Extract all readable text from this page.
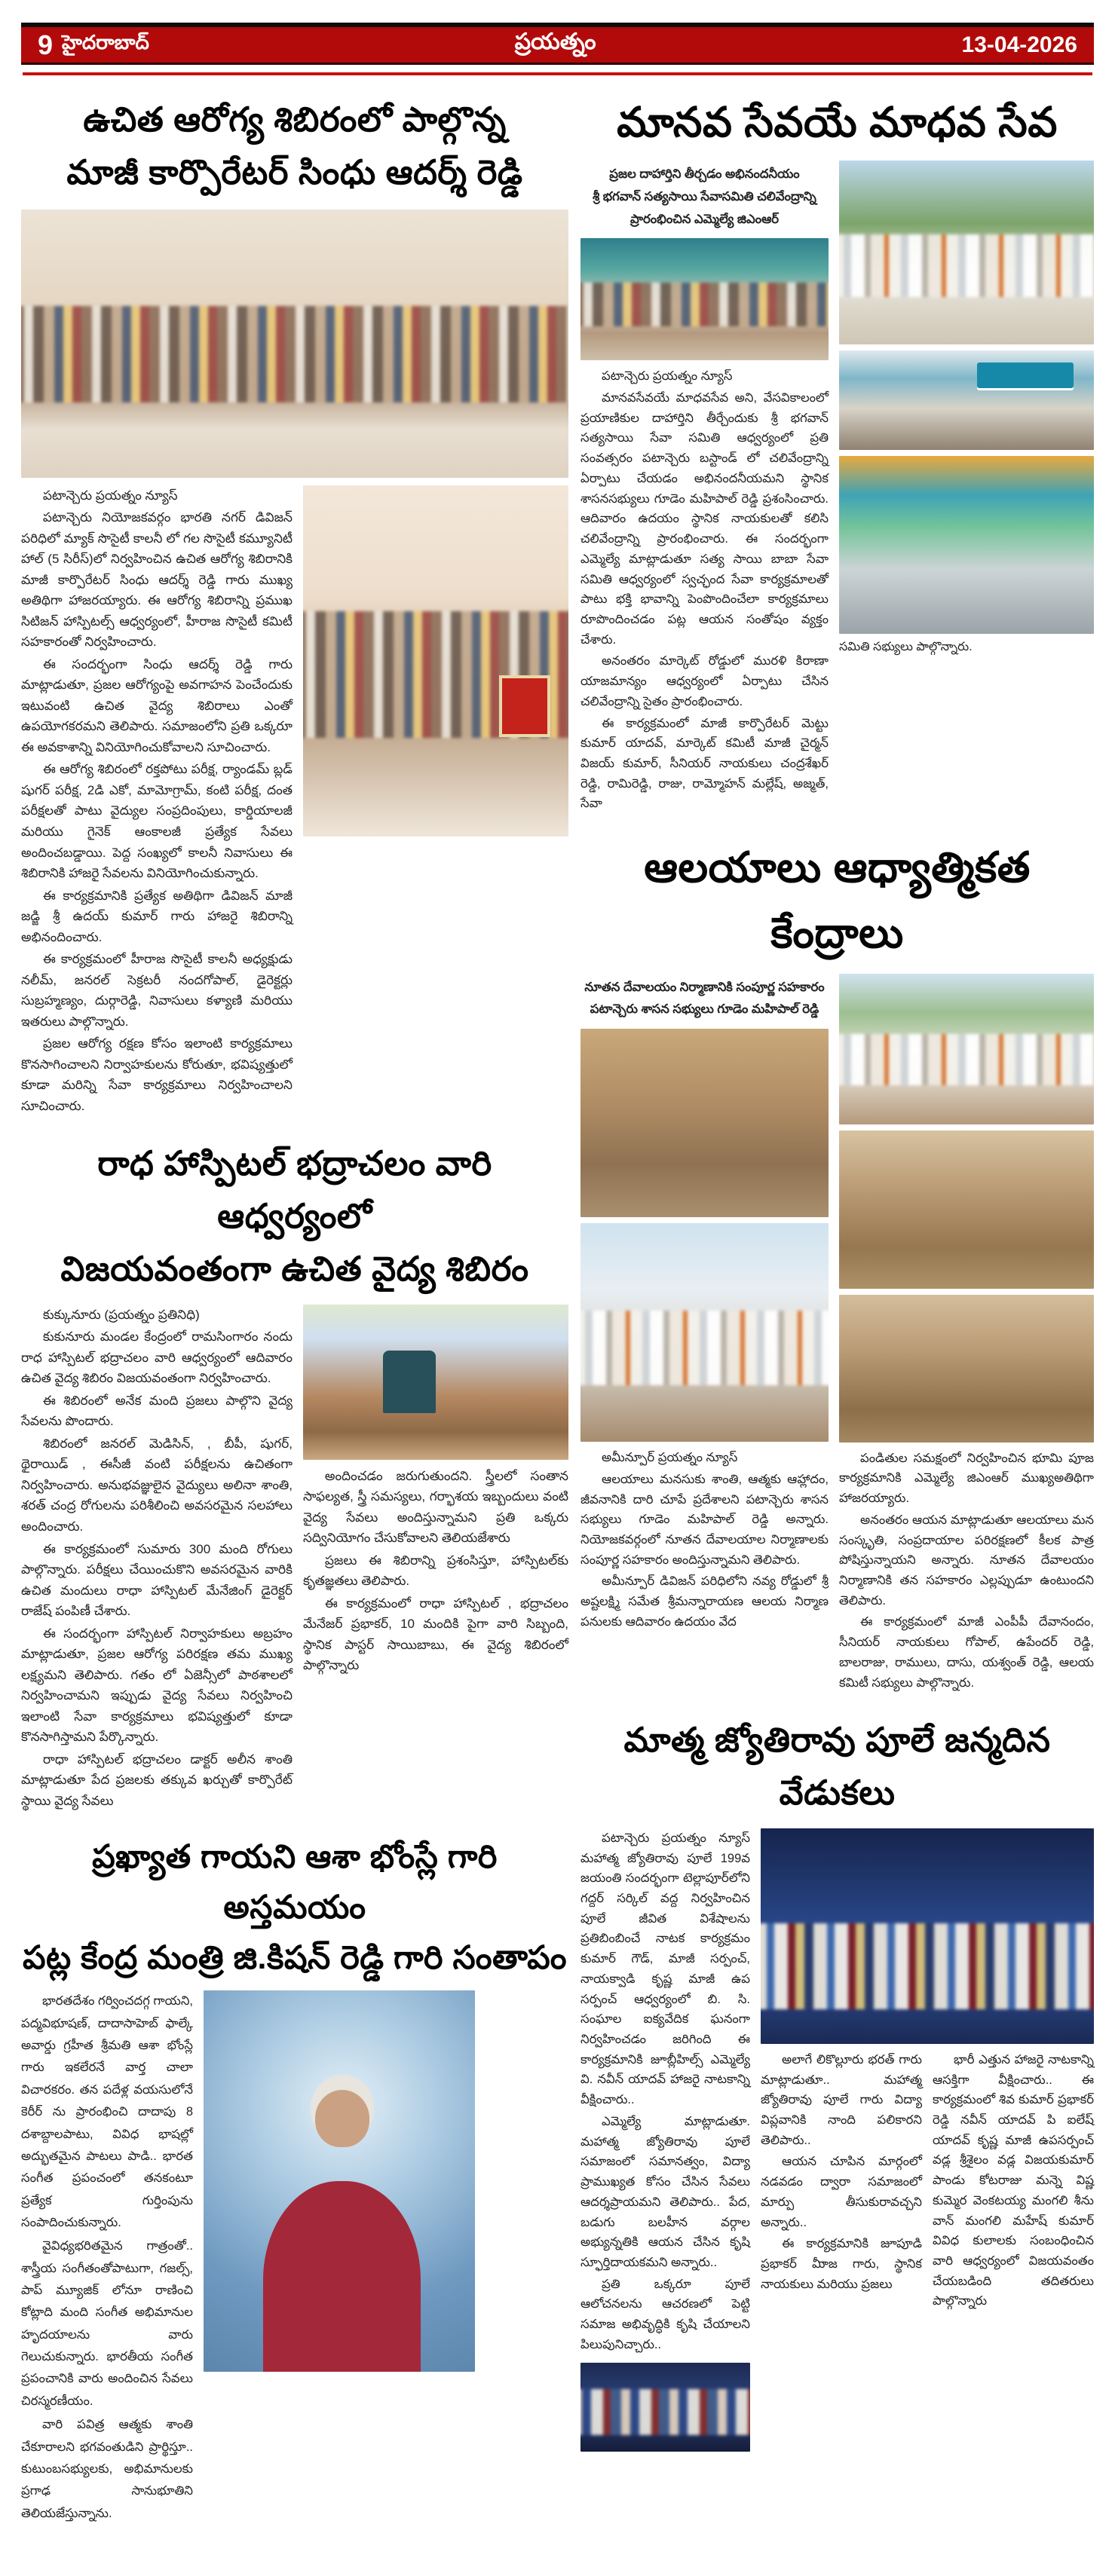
9 హైదరాబాద్	ప్రయత్నం	13-04-2026
ఉచిత ఆరోగ్య శిబిరంలో పాల్గొన్న
మాజీ కార్పొరేటర్ సింధు ఆదర్శ్ రెడ్డి

పటాన్చెరు ప్రయత్నం న్యూస్

పటాన్చెరు నియోజకవర్గం భారతి నగర్ డివిజన్ పరిధిలో మ్యాక్ సొసైటీ కాలనీ లో గల సొసైటీ కమ్యూనిటీ హాల్ (5 సిరీస్)లో నిర్వహించిన ఉచిత ఆరోగ్య శిబిరానికి మాజీ కార్పొరేటర్ సింధు ఆదర్శ్ రెడ్డి గారు ముఖ్య అతిథిగా హాజరయ్యారు. ఈ ఆరోగ్య శిబిరాన్ని ప్రముఖ సిటిజన్ హాస్పిటల్స్ ఆధ్వర్యంలో, హీరాజ సొసైటీ కమిటీ సహకారంతో నిర్వహించారు.

ఈ సందర్భంగా సింధు ఆదర్శ్ రెడ్డి గారు మాట్లాడుతూ, ప్రజల ఆరోగ్యంపై అవగాహన పెంచేందుకు ఇటువంటి ఉచిత వైద్య శిబిరాలు ఎంతో ఉపయోగకరమని తెలిపారు. సమాజంలోని ప్రతి ఒక్కరూ ఈ అవకాశాన్ని వినియోగించుకోవాలని సూచించారు.

ఈ ఆరోగ్య శిబిరంలో రక్తపోటు పరీక్ష, ర్యాండమ్ బ్లడ్ షుగర్ పరీక్ష, 2డి ఎకో, మామోగ్రామ్, కంటి పరీక్ష, దంత పరీక్షలతో పాటు వైద్యుల సంప్రదింపులు, కార్డియాలజీ మరియు గైనెక్ ఆంకాలజీ ప్రత్యేక సేవలు అందించబడ్డాయి. పెద్ద సంఖ్యలో కాలనీ నివాసులు ఈ శిబిరానికి హాజరై సేవలను వినియోగించుకున్నారు.

ఈ కార్యక్రమానికి ప్రత్యేక అతిథిగా డివిజన్ మాజీ జడ్జి శ్రీ ఉదయ్ కుమార్ గారు హాజరై శిబిరాన్ని అభినందించారు.

ఈ కార్యక్రమంలో హీరాజ సొసైటీ కాలనీ అధ్యక్షుడు నలీమ్, జనరల్ సెక్రటరీ నందగోపాల్, డైరెక్టర్లు సుబ్రహ్మణ్యం, దుర్గారెడ్డి, నివాసులు కళ్యాణి మరియు ఇతరులు పాల్గొన్నారు.

ప్రజల ఆరోగ్య రక్షణ కోసం ఇలాంటి కార్యక్రమాలు కొనసాగించాలని నిర్వాహకులను కోరుతూ, భవిష్యత్తులో కూడా మరిన్ని సేవా కార్యక్రమాలు నిర్వహించాలని సూచించారు.

రాధ హాస్పిటల్ భద్రాచలం వారి ఆధ్వర్యంలో
విజయవంతంగా ఉచిత వైద్య శిబిరం

కుక్కునూరు (ప్రయత్నం ప్రతినిధి)

కుకునూరు మండల కేంద్రంలో రామసింగారం నందు రాధ హాస్పిటల్ భద్రాచలం వారి ఆధ్వర్యంలో ఆదివారం ఉచిత వైద్య శిబిరం విజయవంతంగా నిర్వహించారు.

ఈ శిబిరంలో అనేక మంది ప్రజలు పాల్గొని వైద్య సేవలను పొందారు.

శిబిరంలో జనరల్ మెడిసిన్, , బీపీ, షుగర్, థైరాయిడ్ , ఈసీజీ వంటి పరీక్షలను ఉచితంగా నిర్వహించారు. అనుభవజ్ఞులైన వైద్యులు అలినా శాంతి, శరత్ చంద్ర రోగులను పరిశీలించి అవసరమైన సలహాలు అందించారు.

ఈ కార్యక్రమంలో సుమారు 300 మంది రోగులు పాల్గొన్నారు. పరీక్షలు చేయించుకొని అవసరమైన వారికి ఉచిత మందులు రాధా హాస్పిటల్ మేనేజింగ్ డైరెక్టర్ రాజేష్ పంపిణీ చేశారు.

ఈ సందర్భంగా హాస్పిటల్ నిర్వాహకులు అబ్రహం మాట్లాడుతూ, ప్రజల ఆరోగ్య పరిరక్షణ తమ ముఖ్య లక్ష్యమని తెలిపారు. గతం లో ఏజెన్సీలో పాఠశాలలో నిర్వహించామని ఇప్పుడు వైద్య సేవలు నిర్వహించి ఇలాంటి సేవా కార్యక్రమాలు భవిష్యత్తులో కూడా కొనసాగిస్తామని పేర్కొన్నారు.

రాధా హాస్పిటల్ భద్రాచలం డాక్టర్ అలీన శాంతి మాట్లాడుతూ పేద ప్రజలకు తక్కువ ఖర్చుతో కార్పొరేట్ స్థాయి వైద్య సేవలు

అందించడం జరుగుతుందని. స్త్రీలలో సంతాన సాఫల్యత, స్త్రీ సమస్యలు, గర్భాశయ ఇబ్బందులు వంటి వైద్య సేవలు అందిస్తున్నామని ప్రతి ఒక్కరు సద్వినియోగం చేసుకోవాలని తెలియజేశారు

ప్రజలు ఈ శిబిరాన్ని ప్రశంసిస్తూ, హాస్పిటల్‌కు కృతజ్ఞతలు తెలిపారు.

ఈ కార్యక్రమంలో రాధా హాస్పిటల్ , భద్రాచలం మేనేజర్ ప్రభాకర్, 10 మందికి పైగా వారి సిబ్బంది, స్థానిక పాస్టర్ సాయిబాబు, ఈ వైద్య శిబిరంలో పాల్గొన్నారు

ప్రఖ్యాత గాయని ఆశా భోంస్లే గారి అస్తమయం
పట్ల కేంద్ర మంత్రి జి.కిషన్ రెడ్డి గారి సంతాపం

భారతదేశం గర్వించదగ్గ గాయని, పద్మవిభూషణ్, దాదాసాహెబ్ ఫాల్కే అవార్డు గ్రహీత శ్రీమతి ఆశా భోంస్లే గారు ఇకలేరనే వార్త చాలా విచారకరం. తన పదేళ్ల వయసులోనే కెరీర్ ను ప్రారంభించి దాదాపు 8 దశాబ్దాలపాటు, వివిధ భాషల్లో అద్భుతమైన పాటలు పాడి.. భారత సంగీత ప్రపంచంలో తనకంటూ ప్రత్యేక గుర్తింపును సంపాదించుకున్నారు.

వైవిధ్యభరితమైన గాత్రంతో.. శాస్త్రీయ సంగీతంతోపాటుగా, గజల్స్, పాప్ మ్యూజిక్ లోనూ రాణించి కోట్లాది మంది సంగీత అభిమానుల హృదయాలను వారు గెలుచుకున్నారు. భారతీయ సంగీత ప్రపంచానికి వారు అందించిన సేవలు చిరస్మరణీయం.

వారి పవిత్ర ఆత్మకు శాంతి చేకూరాలని భగవంతుడిని ప్రార్థిస్తూ.. కుటుంబసభ్యులకు, అభిమానులకు ప్రగాఢ సానుభూతిని తెలియజేస్తున్నాను.

మానవ సేవయే మాధవ సేవ
ప్రజల దాహార్తిని తీర్చడం అభినందనీయం
శ్రీ భగవాన్ సత్యసాయి సేవాసమితి చలివేంద్రాన్ని
ప్రారంభించిన ఎమ్మెల్యే జిఎంఆర్

పటాన్చెరు ప్రయత్నం న్యూస్

మానవసేవయే మాధవసేవ అని, వేసవికాలంలో ప్రయాణికుల దాహార్తిని తీర్చేందుకు శ్రీ భగవాన్ సత్యసాయి సేవా సమితి ఆధ్వర్యంలో ప్రతి సంవత్సరం పటాన్చెరు బస్టాండ్ లో చలివేంద్రాన్ని ఏర్పాటు చేయడం అభినందనీయమని స్థానిక శాసనసభ్యులు గూడెం మహిపాల్ రెడ్డి ప్రశంసించారు. ఆదివారం ఉదయం స్థానిక నాయకులతో కలిసి చలివేంద్రాన్ని ప్రారంభించారు. ఈ సందర్భంగా ఎమ్మెల్యే మాట్లాడుతూ సత్య సాయి బాబా సేవా సమితి ఆధ్వర్యంలో స్వచ్ఛంద సేవా కార్యక్రమాలతో పాటు భక్తి భావాన్ని పెంపొందించేలా కార్యక్రమాలు రూపొందించడం పట్ల ఆయన సంతోషం వ్యక్తం చేశారు.

అనంతరం మార్కెట్ రోడ్డులో మురళి కిరాణా యాజమాన్యం ఆధ్వర్యంలో ఏర్పాటు చేసిన చలివేంద్రాన్ని సైతం ప్రారంభించారు.

ఈ కార్యక్రమంలో మాజీ కార్పొరేటర్ మెట్టు కుమార్ యాదవ్, మార్కెట్ కమిటీ మాజీ చైర్మన్ విజయ్ కుమార్, సీనియర్ నాయకులు చంద్రశేఖర్ రెడ్డి, రామిరెడ్డి, రాజు, రామ్మోహన్ మల్లేష్, అజ్మత్, సేవా

సమితి సభ్యులు పాల్గొన్నారు.
ఆలయాలు ఆధ్యాత్మికత కేంద్రాలు
నూతన దేవాలయం నిర్మాణానికి సంపూర్ణ సహకారం
పటాన్చెరు శాసన సభ్యులు గూడెం మహిపాల్ రెడ్డి

అమీన్పూర్ ప్రయత్నం న్యూస్

ఆలయాలు మనసుకు శాంతి, ఆత్మకు ఆహ్లాదం, జీవనానికి దారి చూపే ప్రదేశాలని పటాన్చెరు శాసన సభ్యులు గూడెం మహిపాల్ రెడ్డి అన్నారు. నియోజకవర్గంలో నూతన దేవాలయాల నిర్మాణాలకు సంపూర్ణ సహకారం అందిస్తున్నామని తెలిపారు.

అమీన్పూర్ డివిజన్ పరిధిలోని నవ్య రోడ్డులో శ్రీ అష్టలక్ష్మి సమేత శ్రీమన్నారాయణ ఆలయ నిర్మాణ పనులకు ఆదివారం ఉదయం వేద

పండితుల సమక్షంలో నిర్వహించిన భూమి పూజ కార్యక్రమానికి ఎమ్మెల్యే జిఎంఆర్ ముఖ్యఅతిథిగా హాజరయ్యారు.

అనంతరం ఆయన మాట్లాడుతూ ఆలయాలు మన సంస్కృతి, సంప్రదాయాల పరిరక్షణలో కీలక పాత్ర పోషిస్తున్నాయని అన్నారు. నూతన దేవాలయం నిర్మాణానికి తన సహకారం ఎల్లప్పుడూ ఉంటుందని తెలిపారు.

ఈ కార్యక్రమంలో మాజీ ఎంపీపీ దేవానందం, సీనియర్ నాయకులు గోపాల్, ఉపేందర్ రెడ్డి, బాలరాజు, రాములు, దాసు, యశ్వంత్ రెడ్డి, ఆలయ కమిటీ సభ్యులు పాల్గొన్నారు.

మాత్మ జ్యోతిరావు పూలే జన్మదిన వేడుకలు

పటాన్చెరు ప్రయత్నం న్యూస్ మహాత్మ జ్యోతిరావు పూలే 199వ జయంతి సందర్భంగా టెల్లాపూర్‌లోని గద్దర్ సర్కిల్ వద్ద నిర్వహించిన పూలే జీవిత విశేషాలను ప్రతిబింబించే నాటక కార్యక్రమం కుమార్ గౌడ్, మాజీ సర్పంచ్, నాయక్వాడి కృష్ణ మాజీ ఉప సర్పంచ్ ఆధ్వర్యంలో బి. సి. సంఘాల ఐక్యవేదిక ఘనంగా నిర్వహించడం జరిగింది ఈ కార్యక్రమానికి జూబ్లీహిల్స్ ఎమ్మెల్యే వి. నవీన్ యాదవ్ హాజరై నాటకాన్ని వీక్షించారు..

ఎమ్మెల్యే మాట్లాడుతూ. మహాత్మ జ్యోతిరావు పూలే సమాజంలో సమానత్వం, విద్యా ప్రాముఖ్యత కోసం చేసిన సేవలు ఆదర్శప్రాయమని తెలిపారు.. పేద, బడుగు బలహీన వర్గాల అభ్యున్నతికి ఆయన చేసిన కృషి స్ఫూర్తిదాయకమని అన్నారు..

ప్రతి ఒక్కరూ పూలే ఆలోచనలను ఆచరణలో పెట్టి సమాజ అభివృద్ధికి కృషి చేయాలని పిలుపునిచ్చారు..

అలాగే లికొల్లూరు భరత్ గారు మాట్లాడుతూ.. మహాత్మ జ్యోతిరావు పూలే గారు విద్యా విప్లవానికి నాంది పలికారని తెలిపారు..

ఆయన చూపిన మార్గంలో నడవడం ద్వారా సమాజంలో మార్పు తీసుకురావచ్చని అన్నారు..

ఈ కార్యక్రమానికి జూపూడి ప్రభాకర్ మీాజ గారు, స్థానిక నాయకులు మరియు ప్రజలు

భారీ ఎత్తున హాజరై నాటకాన్ని ఆసక్తిగా వీక్షించారు.. ఈ కార్యక్రమంలో శివ కుమార్ ప్రభాకర్ రెడ్డి నవీన్ యాదవ్ పి ఐలేష్ యాదవ్ కృష్ణ మాజీ ఉపసర్పంచ్ వడ్ల శ్రీశైలం వడ్ల విజయకుమార్ పాండు కోటరాజు మన్నె విష్ణ కుమ్మెర వెంకటయ్య మంగలి శీను వాన్ మంగలి మహేష్ కుమార్ వివిధ కులాలకు సంబంధించిన వారి ఆధ్వర్యంలో విజయవంతం చేయబడింది తదితరులు పాల్గొన్నారు
